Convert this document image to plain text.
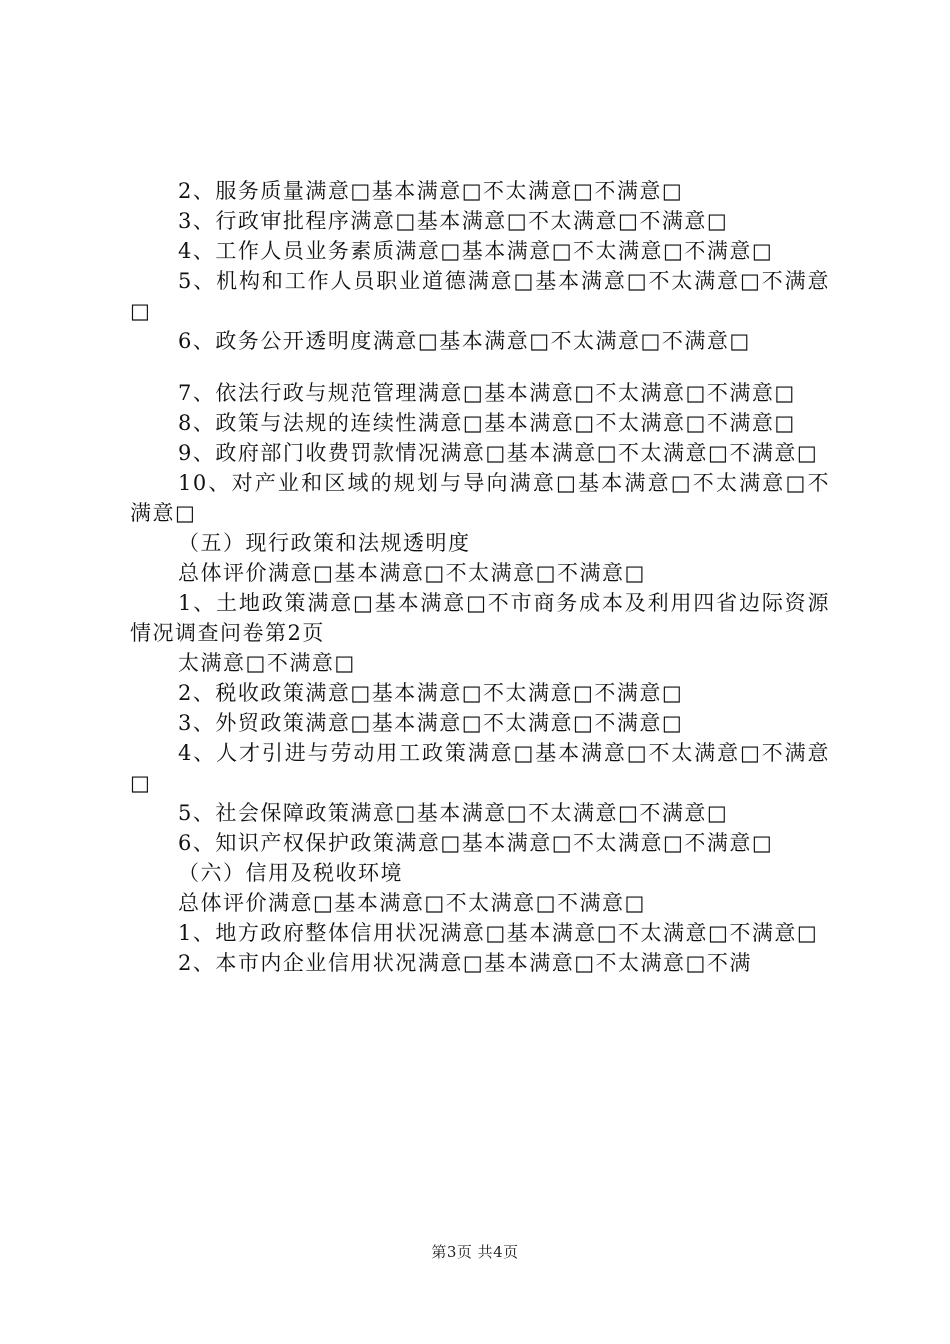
2、服务质量满意□基本满意□不太满意□不满意□

3、行政审批程序满意□基本满意□不太满意□不满意□

4、工作人员业务素质满意□基本满意□不太满意□不满意□

5、机构和工作人员职业道德满意□基本满意□不太满意□不满意□

6、政务公开透明度满意□基本满意□不太满意□不满意□

7、依法行政与规范管理满意□基本满意□不太满意□不满意□

8、政策与法规的连续性满意□基本满意□不太满意□不满意□

9、政府部门收费罚款情况满意□基本满意□不太满意□不满意□

10、对产业和区域的规划与导向满意□基本满意□不太满意□不满意□

（五）现行政策和法规透明度

总体评价满意□基本满意□不太满意□不满意□

1、土地政策满意□基本满意□不市商务成本及利用四省边际资源情况调查问卷第2页

太满意□不满意□

2、税收政策满意□基本满意□不太满意□不满意□

3、外贸政策满意□基本满意□不太满意□不满意□

4、人才引进与劳动用工政策满意□基本满意□不太满意□不满意□

5、社会保障政策满意□基本满意□不太满意□不满意□

6、知识产权保护政策满意□基本满意□不太满意□不满意□

（六）信用及税收环境

总体评价满意□基本满意□不太满意□不满意□

1、地方政府整体信用状况满意□基本满意□不太满意□不满意□

2、本市内企业信用状况满意□基本满意□不太满意□不满

第3页 共4页
